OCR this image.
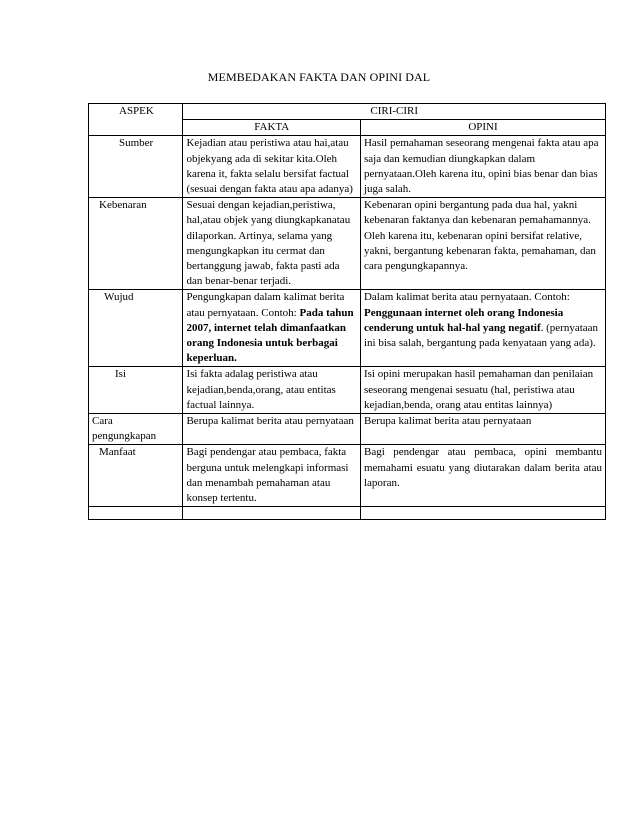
MEMBEDAKAN FAKTA DAN OPINI DAL
ASPEK	CIRI-CIRI	
	FAKTA	OPINI
Sumber	Kejadian atau peristiwa atau hai,atau objekyang ada di sekitar kita.Oleh karena it, fakta selalu bersifat factual (sesuai dengan fakta atau apa adanya)	Hasil pemahaman seseorang mengenai fakta atau apa saja dan kemudian diungkapkan dalam pernyataan.Oleh karena itu, opini bias benar dan bias juga salah.
Kebenaran	Sesuai dengan kejadian,peristiwa, hal,atau objek yang diungkapkanatau dilaporkan. Artinya, selama yang mengungkapkan itu cermat dan bertanggung jawab, fakta pasti ada dan benar-benar terjadi.	Kebenaran opini bergantung pada dua hal, yakni kebenaran faktanya dan kebenaran pemahamannya. Oleh karena itu, kebenaran opini bersifat relative, yakni, bergantung kebenaran fakta, pemahaman, dan cara pengungkapannya.
Wujud	Pengungkapan dalam kalimat berita atau pernyataan. Contoh: Pada tahun 2007, internet telah dimanfaatkan orang Indonesia untuk berbagai keperluan.	Dalam kalimat berita atau pernyataan. Contoh: Penggunaan internet oleh orang Indonesia cenderung untuk hal-hal yang negatif. (pernyataan ini bisa salah, bergantung pada kenyataan yang ada).
Isi	Isi fakta adalag peristiwa atau kejadian,benda,orang, atau entitas factual lainnya.	Isi opini merupakan hasil pemahaman dan penilaian seseorang mengenai sesuatu (hal, peristiwa atau kejadian,benda, orang atau entitas lainnya)
Cara pengungkapan	Berupa kalimat berita atau pernyataan	Berupa kalimat berita atau pernyataan
Manfaat	Bagi pendengar atau pembaca, fakta berguna untuk melengkapi informasi dan menambah pemahaman atau konsep tertentu.	Bagi pendengar atau pembaca, opini membantu memahami esuatu yang diutarakan dalam berita atau laporan.
